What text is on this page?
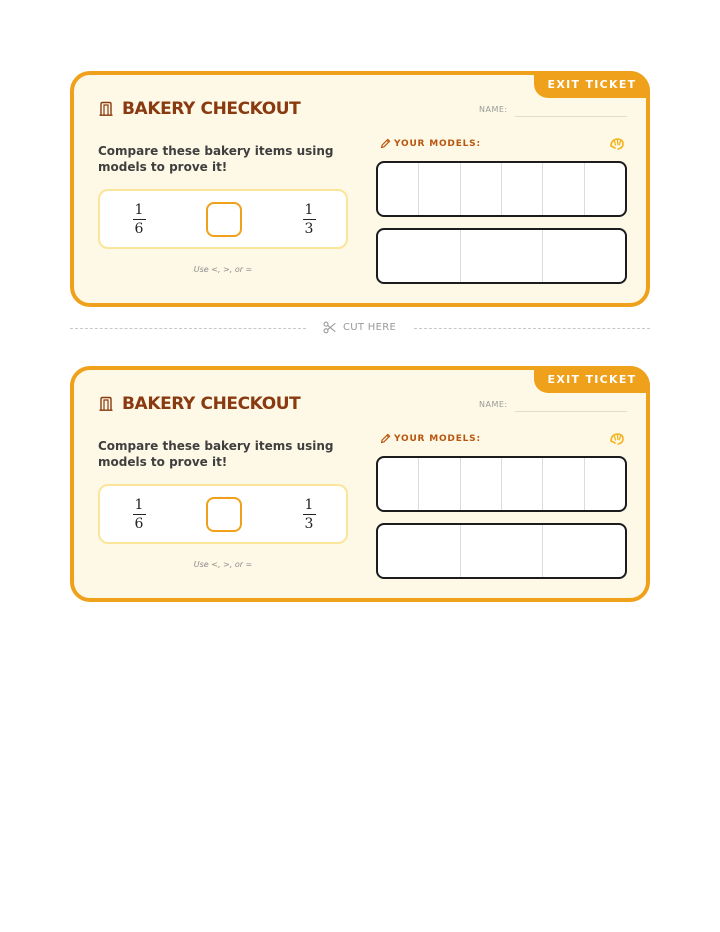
EXIT TICKET
BAKERY CHECKOUT	NAME:
Compare these bakery items using models to prove it!
1
6
1
3
Use <, >, or =
YOUR MODELS:
CUT HERE
EXIT TICKET
BAKERY CHECKOUT	NAME:
Compare these bakery items using models to prove it!
1
6
1
3
Use <, >, or =
YOUR MODELS:
